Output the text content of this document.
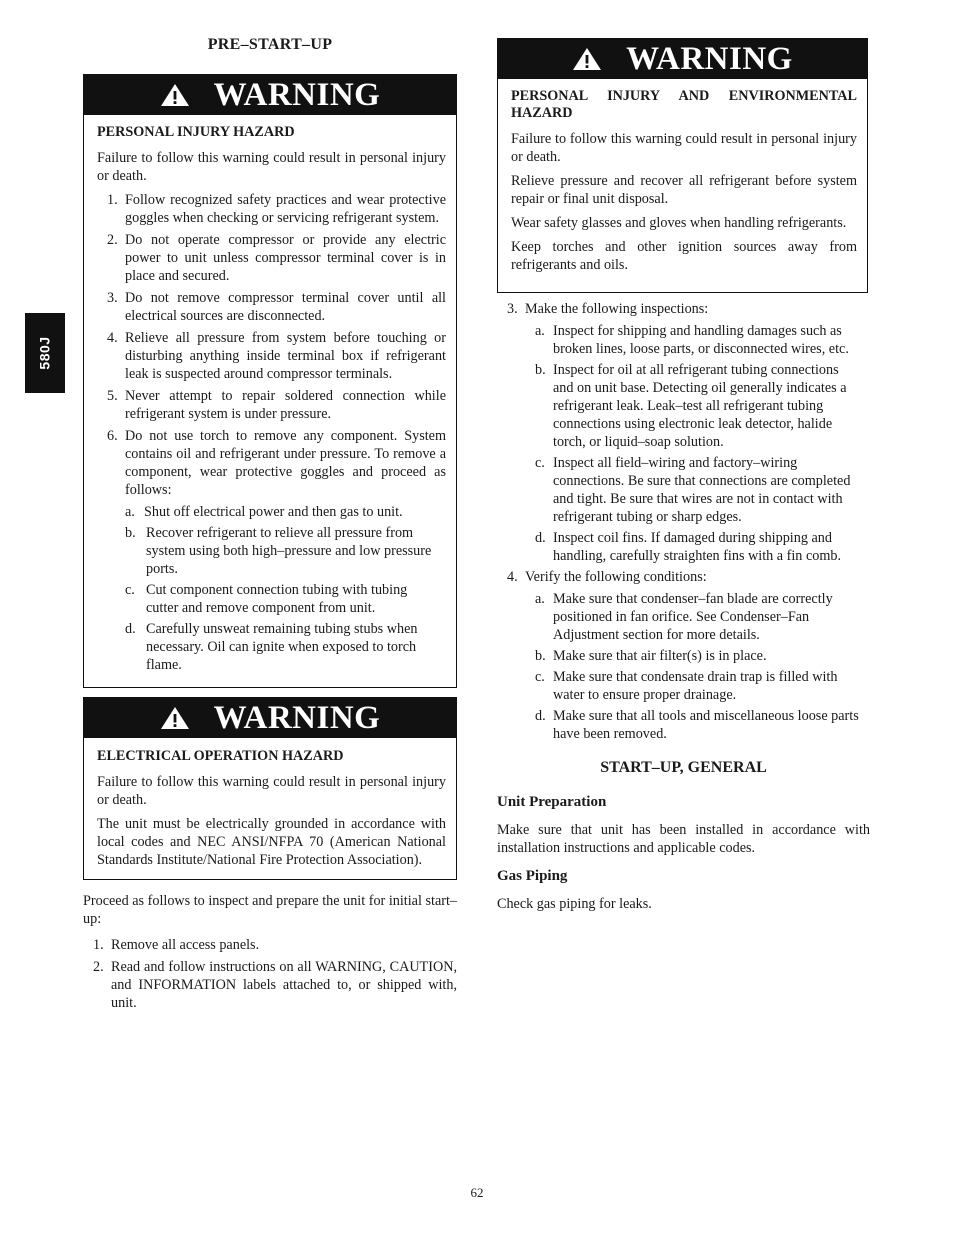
580J
PRE–START–UP
WARNING

PERSONAL INJURY HAZARD

Failure to follow this warning could result in personal injury or death.

1. Follow recognized safety practices and wear protective goggles when checking or servicing refrigerant system.
2. Do not operate compressor or provide any electric power to unit unless compressor terminal cover is in place and secured.
3. Do not remove compressor terminal cover until all electrical sources are disconnected.
4. Relieve all pressure from system before touching or disturbing anything inside terminal box if refrigerant leak is suspected around compressor terminals.
5. Never attempt to repair soldered connection while refrigerant system is under pressure.
6. Do not use torch to remove any component. System contains oil and refrigerant under pressure. To remove a component, wear protective goggles and proceed as follows:
a. Shut off electrical power and then gas to unit.
b. Recover refrigerant to relieve all pressure from system using both high–pressure and low pressure ports.
c. Cut component connection tubing with tubing cutter and remove component from unit.
d. Carefully unsweat remaining tubing stubs when necessary. Oil can ignite when exposed to torch flame.
WARNING

ELECTRICAL OPERATION HAZARD

Failure to follow this warning could result in personal injury or death.

The unit must be electrically grounded in accordance with local codes and NEC ANSI/NFPA 70 (American National Standards Institute/National Fire Protection Association).

Proceed as follows to inspect and prepare the unit for initial start–up:

1. Remove all access panels.
2. Read and follow instructions on all WARNING, CAUTION, and INFORMATION labels attached to, or shipped with, unit.
WARNING

PERSONAL INJURY AND ENVIRONMENTAL HAZARD

Failure to follow this warning could result in personal injury or death.

Relieve pressure and recover all refrigerant before system repair or final unit disposal.

Wear safety glasses and gloves when handling refrigerants.

Keep torches and other ignition sources away from refrigerants and oils.

3. Make the following inspections:
a. Inspect for shipping and handling damages such as broken lines, loose parts, or disconnected wires, etc.
b. Inspect for oil at all refrigerant tubing connections and on unit base. Detecting oil generally indicates a refrigerant leak. Leak–test all refrigerant tubing connections using electronic leak detector, halide torch, or liquid–soap solution.
c. Inspect all field–wiring and factory–wiring connections. Be sure that connections are completed and tight. Be sure that wires are not in contact with refrigerant tubing or sharp edges.
d. Inspect coil fins. If damaged during shipping and handling, carefully straighten fins with a fin comb.
4. Verify the following conditions:
a. Make sure that condenser–fan blade are correctly positioned in fan orifice. See Condenser–Fan Adjustment section for more details.
b. Make sure that air filter(s) is in place.
c. Make sure that condensate drain trap is filled with water to ensure proper drainage.
d. Make sure that all tools and miscellaneous loose parts have been removed.

START–UP, GENERAL

Unit Preparation

Make sure that unit has been installed in accordance with installation instructions and applicable codes.

Gas Piping

Check gas piping for leaks.

62
